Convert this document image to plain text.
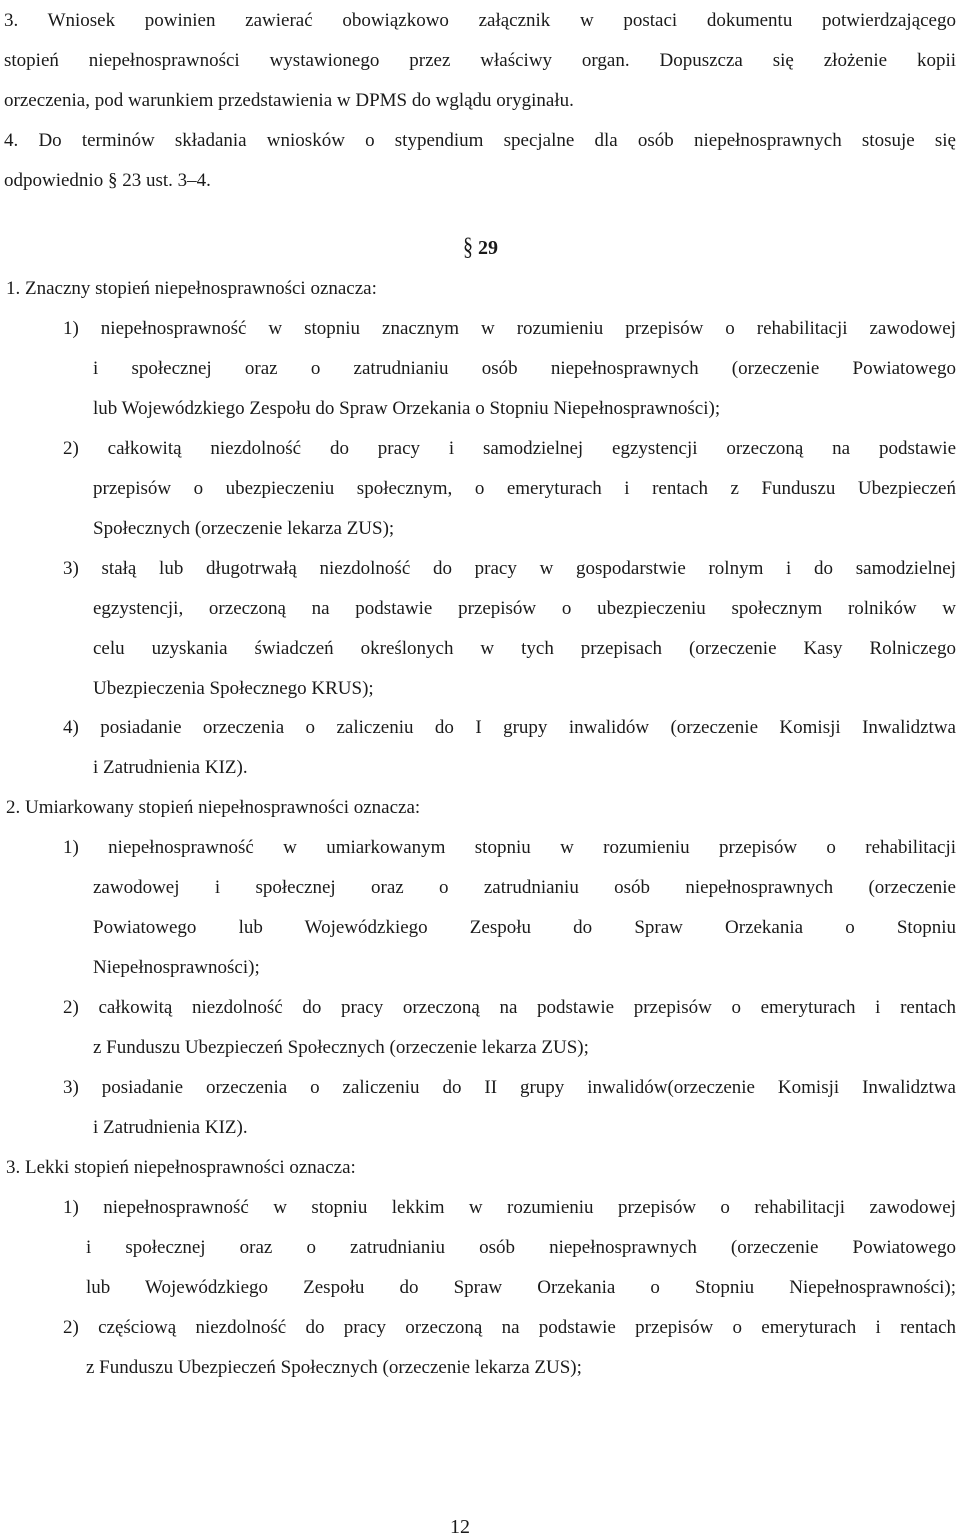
3. Wniosek powinien zawierać obowiązkowo załącznik w postaci dokumentu potwierdzającego
stopień niepełnosprawności wystawionego przez właściwy organ. Dopuszcza się złożenie kopii
orzeczenia, pod warunkiem przedstawienia w DPMS do wglądu oryginału.
4. Do terminów składania wniosków o stypendium specjalne dla osób niepełnosprawnych stosuje się
odpowiednio § 23 ust. 3–4.
§ 29
1. Znaczny stopień niepełnosprawności oznacza:
1) niepełnosprawność w stopniu znacznym w rozumieniu przepisów o rehabilitacji zawodowej
i społecznej oraz o zatrudnianiu osób niepełnosprawnych (orzeczenie Powiatowego
lub Wojewódzkiego Zespołu do Spraw Orzekania o Stopniu Niepełnosprawności);
2) całkowitą niezdolność do pracy i samodzielnej egzystencji orzeczoną na podstawie
przepisów o ubezpieczeniu społecznym, o emeryturach i rentach z Funduszu Ubezpieczeń
Społecznych (orzeczenie lekarza ZUS);
3) stałą lub długotrwałą niezdolność do pracy w gospodarstwie rolnym i do samodzielnej
egzystencji, orzeczoną na podstawie przepisów o ubezpieczeniu społecznym rolników w
celu uzyskania świadczeń określonych w tych przepisach (orzeczenie Kasy Rolniczego
Ubezpieczenia Społecznego KRUS);
4) posiadanie orzeczenia o zaliczeniu do I grupy inwalidów (orzeczenie Komisji Inwalidztwa
i Zatrudnienia KIZ).
2. Umiarkowany stopień niepełnosprawności oznacza:
1) niepełnosprawność w umiarkowanym stopniu w rozumieniu przepisów o rehabilitacji
zawodowej i społecznej oraz o zatrudnianiu osób niepełnosprawnych (orzeczenie
Powiatowego lub Wojewódzkiego Zespołu do Spraw Orzekania o Stopniu
Niepełnosprawności);
2) całkowitą niezdolność do pracy orzeczoną na podstawie przepisów o emeryturach i rentach
z Funduszu Ubezpieczeń Społecznych (orzeczenie lekarza ZUS);
3) posiadanie orzeczenia o zaliczeniu do II grupy inwalidów(orzeczenie Komisji Inwalidztwa
i Zatrudnienia KIZ).
3. Lekki stopień niepełnosprawności oznacza:
1) niepełnosprawność w stopniu lekkim w rozumieniu przepisów o rehabilitacji zawodowej
i społecznej oraz o zatrudnianiu osób niepełnosprawnych (orzeczenie Powiatowego
lub Wojewódzkiego Zespołu do Spraw Orzekania o Stopniu Niepełnosprawności);
2) częściową niezdolność do pracy orzeczoną na podstawie przepisów o emeryturach i rentach
z Funduszu Ubezpieczeń Społecznych (orzeczenie lekarza ZUS);
12
